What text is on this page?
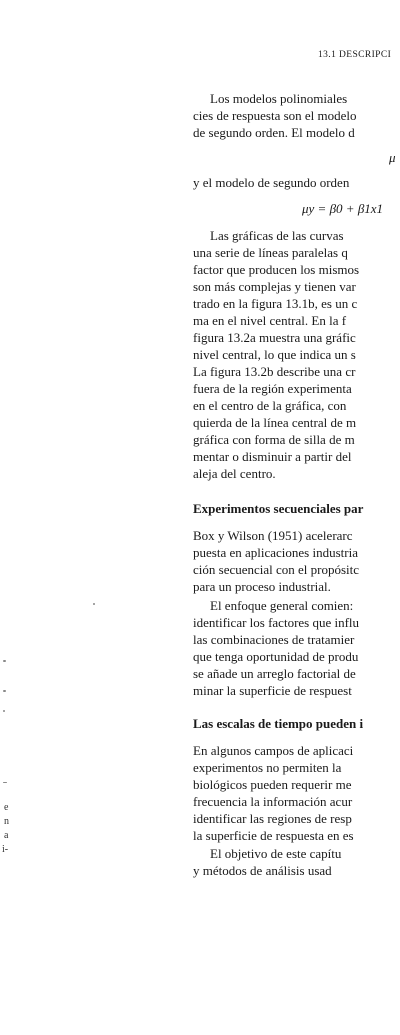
13.1 DESCRIPCI
Los modelos polinomiales
cies de respuesta son el modelo
de segundo orden. El modelo d
μ
y el modelo de segundo orden
μy = β0 + β1x1
Las gráficas de las curvas
una serie de líneas paralelas q
factor que producen los mismos
son más complejas y tienen var
trado en la figura 13.1b, es un c
ma en el nivel central. En la f
figura 13.2a muestra una gráfic
nivel central, lo que indica un s
La figura 13.2b describe una cr
fuera de la región experimenta
en el centro de la gráfica, con
quierda de la línea central de m
gráfica con forma de silla de m
mentar o disminuir a partir del
aleja del centro.
Experimentos secuenciales par
Box y Wilson (1951) acelerarc
puesta en aplicaciones industria
ción secuencial con el propósitc
para un proceso industrial.
El enfoque general comien:
identificar los factores que influ
las combinaciones de tratamier
que tenga oportunidad de produ
se añade un arreglo factorial de
minar la superficie de respuest
Las escalas de tiempo pueden i
En algunos campos de aplicaci
experimentos no permiten la
biológicos pueden requerir me
frecuencia la información acur
identificar las regiones de resp
la superficie de respuesta en es
El objetivo de este capítu
y métodos de análisis usad
e
n
a
i-
